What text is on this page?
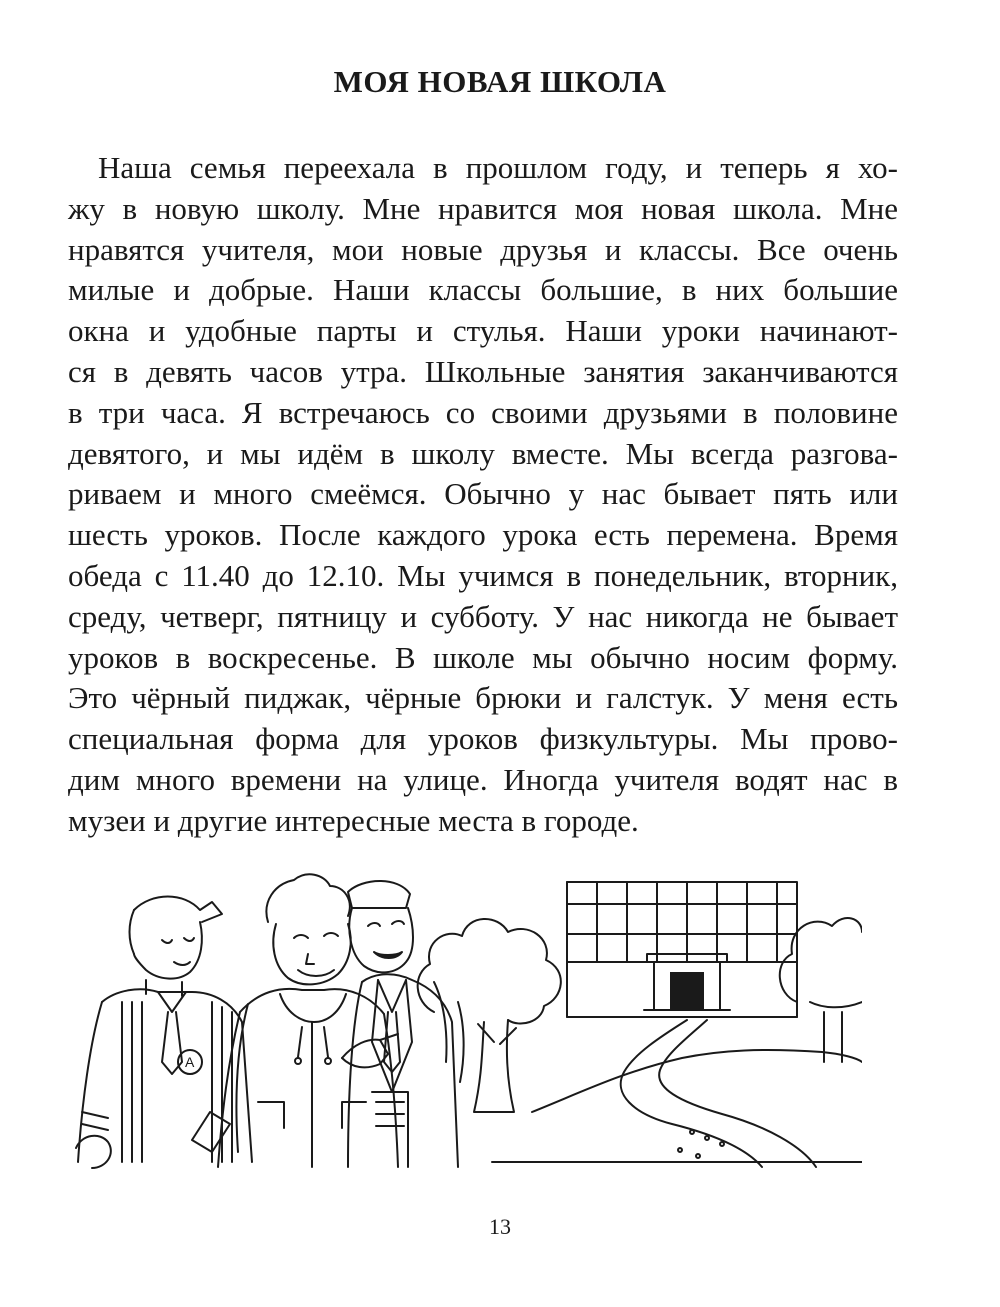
МОЯ НОВАЯ ШКОЛА
Наша семья переехала в прошлом году, и теперь я хо-
жу в новую школу. Мне нравится моя новая школа. Мне
нравятся учителя, мои новые друзья и классы. Все очень
милые и добрые. Наши классы большие, в них большие
окна и удобные парты и стулья. Наши уроки начинают-
ся в девять часов утра. Школьные занятия заканчиваются
в три часа. Я встречаюсь со своими друзьями в половине
девятого, и мы идём в школу вместе. Мы всегда разгова-
риваем и много смеёмся. Обычно у нас бывает пять или
шесть уроков. После каждого урока есть перемена. Время
обеда с 11.40 до 12.10. Мы учимся в понедельник, вторник,
среду, четверг, пятницу и субботу. У нас никогда не бывает
уроков в воскресенье. В школе мы обычно носим форму.
Это чёрный пиджак, чёрные брюки и галстук. У меня есть
специальная форма для уроков физкультуры. Мы прово-
дим много времени на улице. Иногда учителя водят нас в
музеи и другие интересные места в городе.
A
13
